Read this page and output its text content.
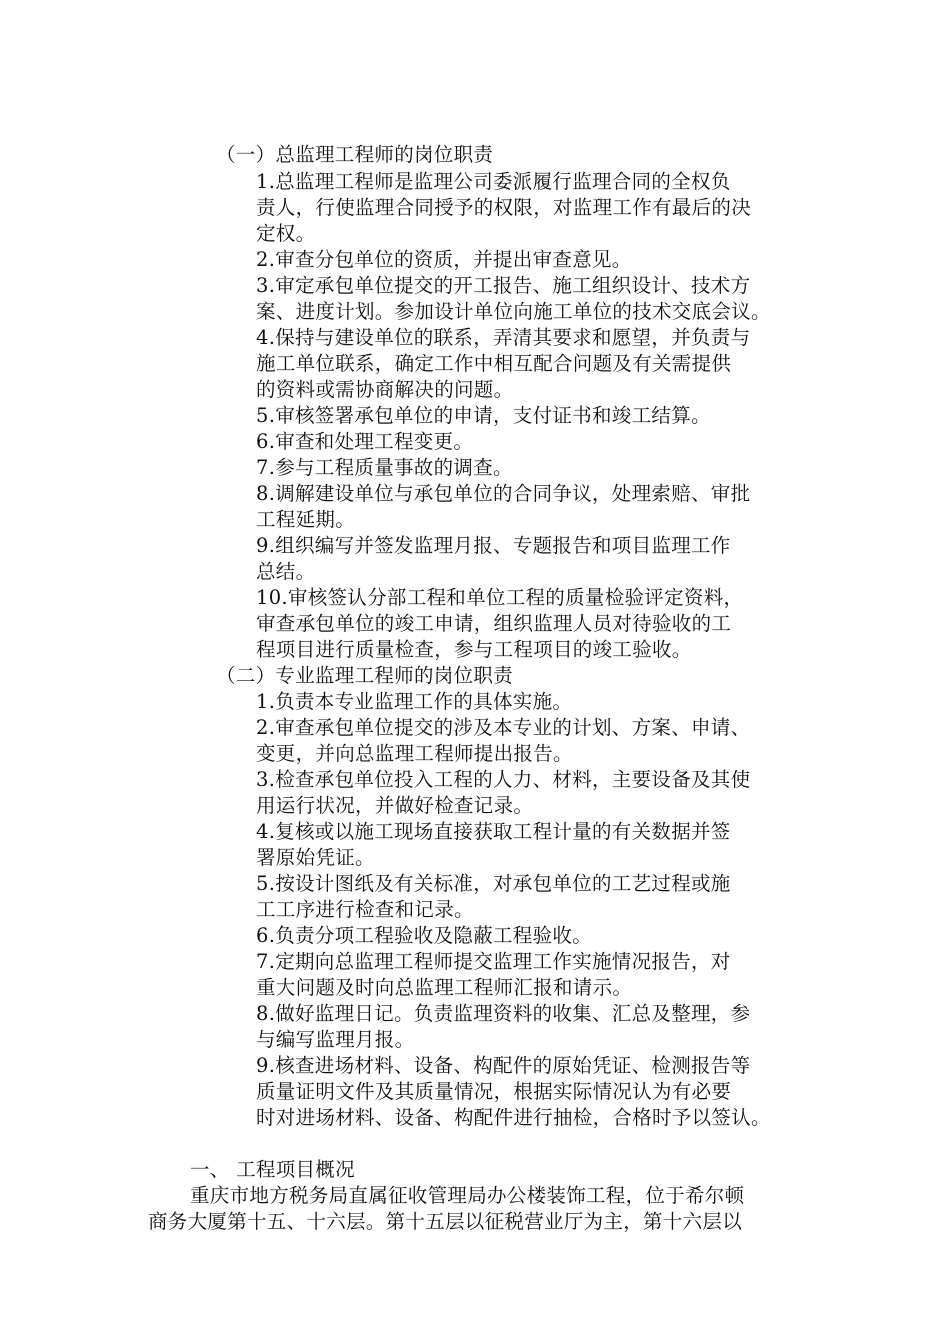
（一）总监理工程师的岗位职责
1.总监理工程师是监理公司委派履行监理合同的全权负
责人，行使监理合同授予的权限，对监理工作有最后的决
定权。
2.审查分包单位的资质，并提出审查意见。
3.审定承包单位提交的开工报告、施工组织设计、技术方
案、进度计划。参加设计单位向施工单位的技术交底会议。
4.保持与建设单位的联系，弄清其要求和愿望，并负责与
施工单位联系，确定工作中相互配合问题及有关需提供
的资料或需协商解决的问题。
5.审核签署承包单位的申请，支付证书和竣工结算。
6.审查和处理工程变更。
7.参与工程质量事故的调查。
8.调解建设单位与承包单位的合同争议，处理索赔、审批
工程延期。
9.组织编写并签发监理月报、专题报告和项目监理工作
总结。
10.审核签认分部工程和单位工程的质量检验评定资料，
审查承包单位的竣工申请，组织监理人员对待验收的工
程项目进行质量检查，参与工程项目的竣工验收。
（二）专业监理工程师的岗位职责
1.负责本专业监理工作的具体实施。
2.审查承包单位提交的涉及本专业的计划、方案、申请、
变更，并向总监理工程师提出报告。
3.检查承包单位投入工程的人力、材料，主要设备及其使
用运行状况，并做好检查记录。
4.复核或以施工现场直接获取工程计量的有关数据并签
署原始凭证。
5.按设计图纸及有关标准，对承包单位的工艺过程或施
工工序进行检查和记录。
6.负责分项工程验收及隐蔽工程验收。
7.定期向总监理工程师提交监理工作实施情况报告，对
重大问题及时向总监理工程师汇报和请示。
8.做好监理日记。负责监理资料的收集、汇总及整理，参
与编写监理月报。
9.核查进场材料、设备、构配件的原始凭证、检测报告等
质量证明文件及其质量情况，根据实际情况认为有必要
时对进场材料、设备、构配件进行抽检，合格时予以签认。
一、 工程项目概况
重庆市地方税务局直属征收管理局办公楼装饰工程，位于希尔顿
商务大厦第十五、十六层。第十五层以征税营业厅为主，第十六层以
